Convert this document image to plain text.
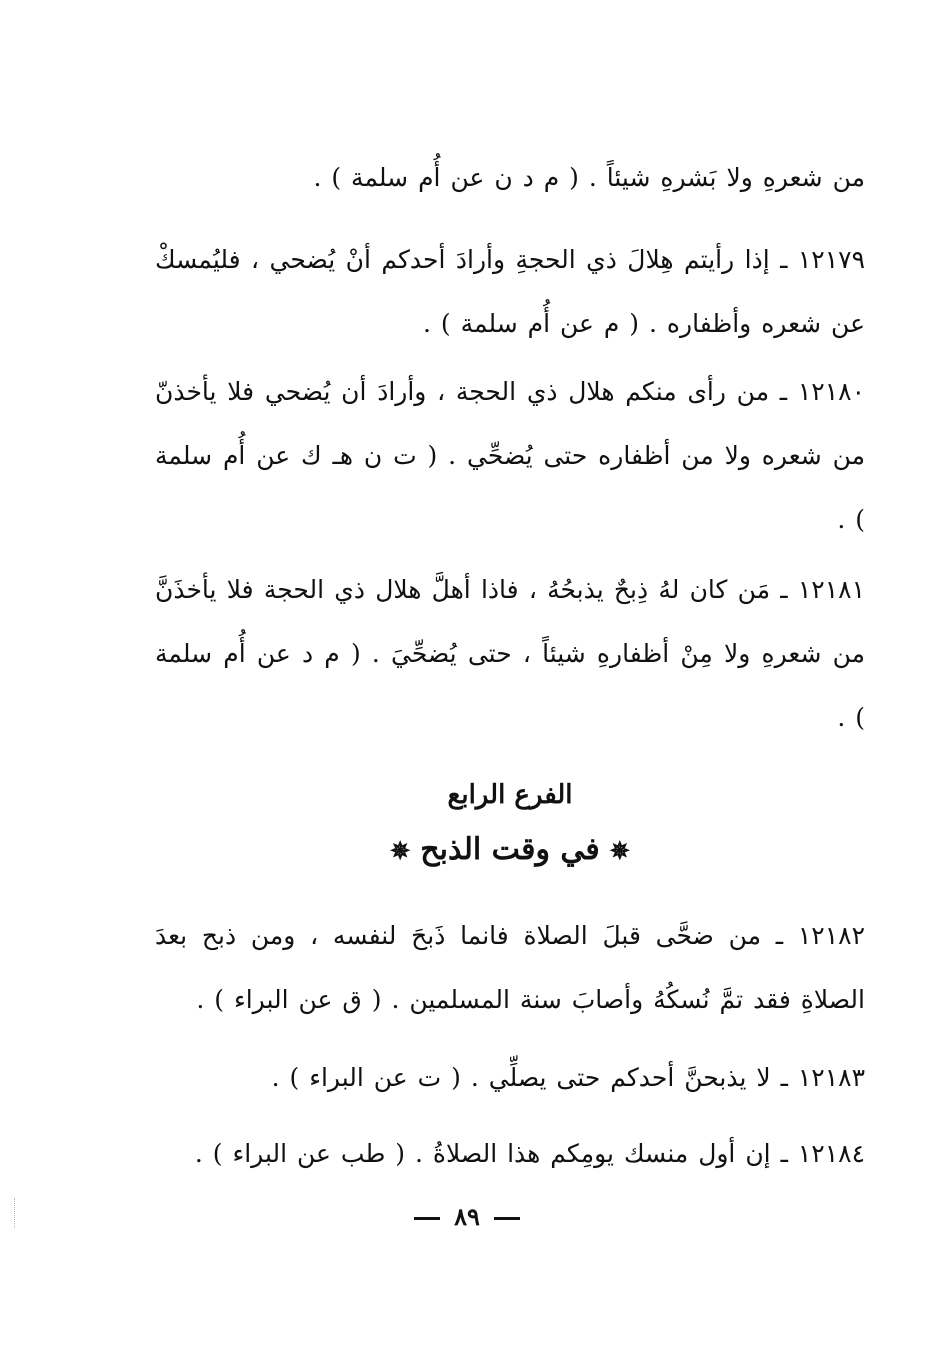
من شعرهِ ولا بَشرهِ شيئاً . ( م د ن عن أُم سلمة ) .
١٢١٧٩ ـ إذا رأيتم هِلالَ ذي الحجةِ وأرادَ أحدكم أنْ يُضحي ، فليُمسكْ عن شعره وأظفاره . ( م عن أُم سلمة ) .
١٢١٨٠ ـ من رأى منكم هلال ذي الحجة ، وأرادَ أن يُضحي فلا يأخذنّ من شعره ولا من أظفاره حتى يُضحِّي . ( ت ن هـ ك عن أُم سلمة ) .
١٢١٨١ ـ مَن كان لهُ ذِبحٌ يذبحُهُ ، فاذا أهلَّ هلال ذي الحجة فلا يأخذَنَّ من شعرهِ ولا مِنْ أظفارهِ شيئاً ، حتى يُضحِّيَ . ( م د عن أُم سلمة ) .
الفرع الرابع
✵في وقت الذبح✵
١٢١٨٢ ـ من ضحَّى قبلَ الصلاة فانما ذَبحَ لنفسه ، ومن ذبح بعدَ الصلاةِ فقد تمَّ نُسكُهُ وأصابَ سنة المسلمين . ( ق عن البراء ) .
١٢١٨٣ ـ لا يذبحنَّ أحدكم حتى يصلِّي . ( ت عن البراء ) .
١٢١٨٤ ـ إن أول منسك يومِكم هذا الصلاةُ . ( طب عن البراء ) .
٨٩
